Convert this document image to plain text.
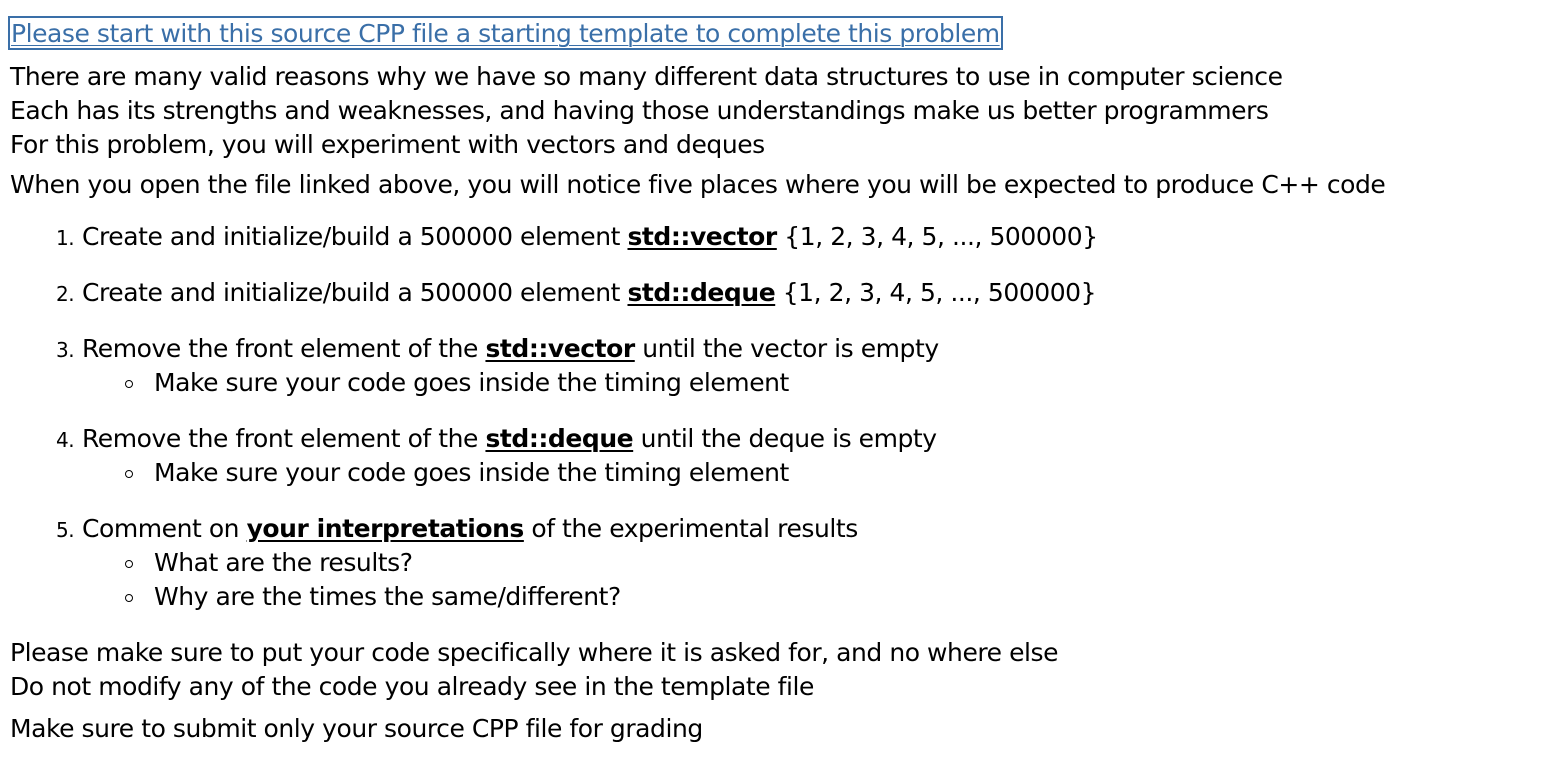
Please start with this source CPP file a starting template to complete this problem

There are many valid reasons why we have so many different data structures to use in computer science

Each has its strengths and weaknesses, and having those understandings make us better programmers

For this problem, you will experiment with vectors and deques

When you open the file linked above, you will notice five places where you will be expected to produce C++ code

1. Create and initialize/build a 500000 element std::vector {1, 2, 3, 4, 5, ..., 500000}
2. Create and initialize/build a 500000 element std::deque {1, 2, 3, 4, 5, ..., 500000}
3. Remove the front element of the std::vector until the vector is empty
Make sure your code goes inside the timing element
4. Remove the front element of the std::deque until the deque is empty
Make sure your code goes inside the timing element
5. Comment on your interpretations of the experimental results
What are the results?
Why are the times the same/different?

Please make sure to put your code specifically where it is asked for, and no where else

Do not modify any of the code you already see in the template file

Make sure to submit only your source CPP file for grading
